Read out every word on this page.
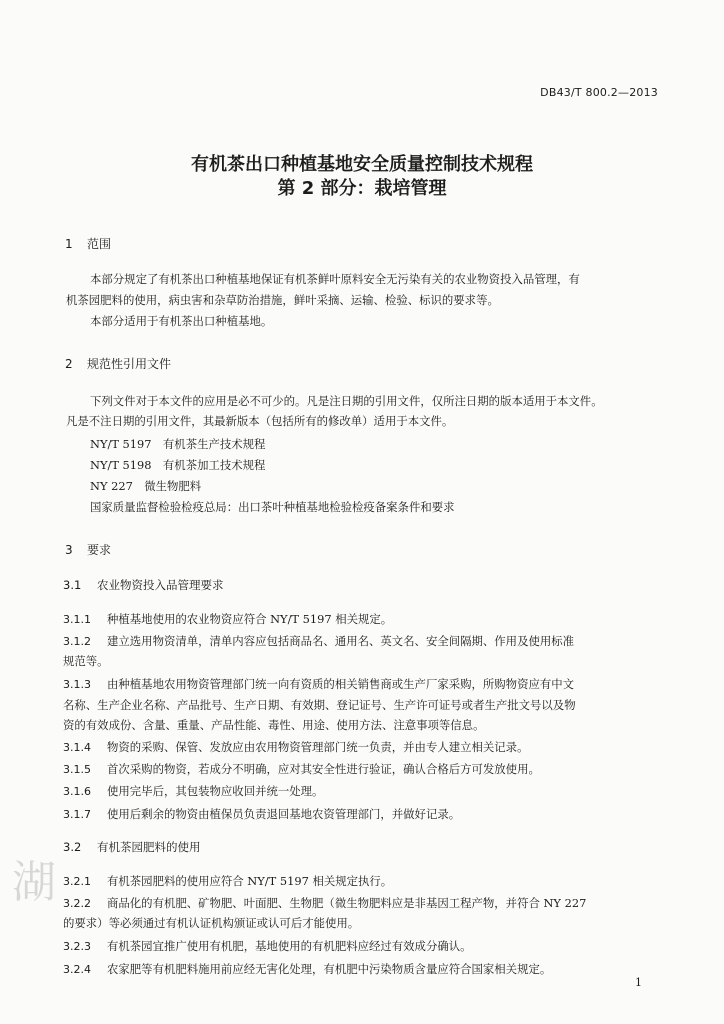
DB43/T 800.2—2013
有机茶出口种植基地安全质量控制技术规程
第 2 部分：栽培管理
1 范围
本部分规定了有机茶出口种植基地保证有机茶鲜叶原料安全无污染有关的农业物资投入品管理，有
机茶园肥料的使用，病虫害和杂草防治措施，鲜叶采摘、运输、检验、标识的要求等。
本部分适用于有机茶出口种植基地。
2 规范性引用文件
下列文件对于本文件的应用是必不可少的。凡是注日期的引用文件，仅所注日期的版本适用于本文件。
凡是不注日期的引用文件，其最新版本（包括所有的修改单）适用于本文件。
NY/T 5197　有机茶生产技术规程
NY/T 5198　有机茶加工技术规程
NY 227　微生物肥料
国家质量监督检验检疫总局：出口茶叶种植基地检验检疫备案条件和要求
3 要求
3.1 农业物资投入品管理要求
3.1.1 种植基地使用的农业物资应符合 NY/T 5197 相关规定。
3.1.2 建立选用物资清单，清单内容应包括商品名、通用名、英文名、安全间隔期、作用及使用标准
规范等。
3.1.3 由种植基地农用物资管理部门统一向有资质的相关销售商或生产厂家采购，所购物资应有中文
名称、生产企业名称、产品批号、生产日期、有效期、登记证号、生产许可证号或者生产批文号以及物
资的有效成份、含量、重量、产品性能、毒性、用途、使用方法、注意事项等信息。
3.1.4 物资的采购、保管、发放应由农用物资管理部门统一负责，并由专人建立相关记录。
3.1.5 首次采购的物资，若成分不明确，应对其安全性进行验证，确认合格后方可发放使用。
3.1.6 使用完毕后，其包装物应收回并统一处理。
3.1.7 使用后剩余的物资由植保员负责退回基地农资管理部门，并做好记录。
3.2 有机茶园肥料的使用
3.2.1 有机茶园肥料的使用应符合 NY/T 5197 相关规定执行。
3.2.2 商品化的有机肥、矿物肥、叶面肥、生物肥（微生物肥料应是非基因工程产物，并符合 NY 227
的要求）等必须通过有机认证机构颁证或认可后才能使用。
3.2.3 有机茶园宜推广使用有机肥，基地使用的有机肥料应经过有效成分确认。
3.2.4 农家肥等有机肥料施用前应经无害化处理，有机肥中污染物质含量应符合国家相关规定。
湖
1
